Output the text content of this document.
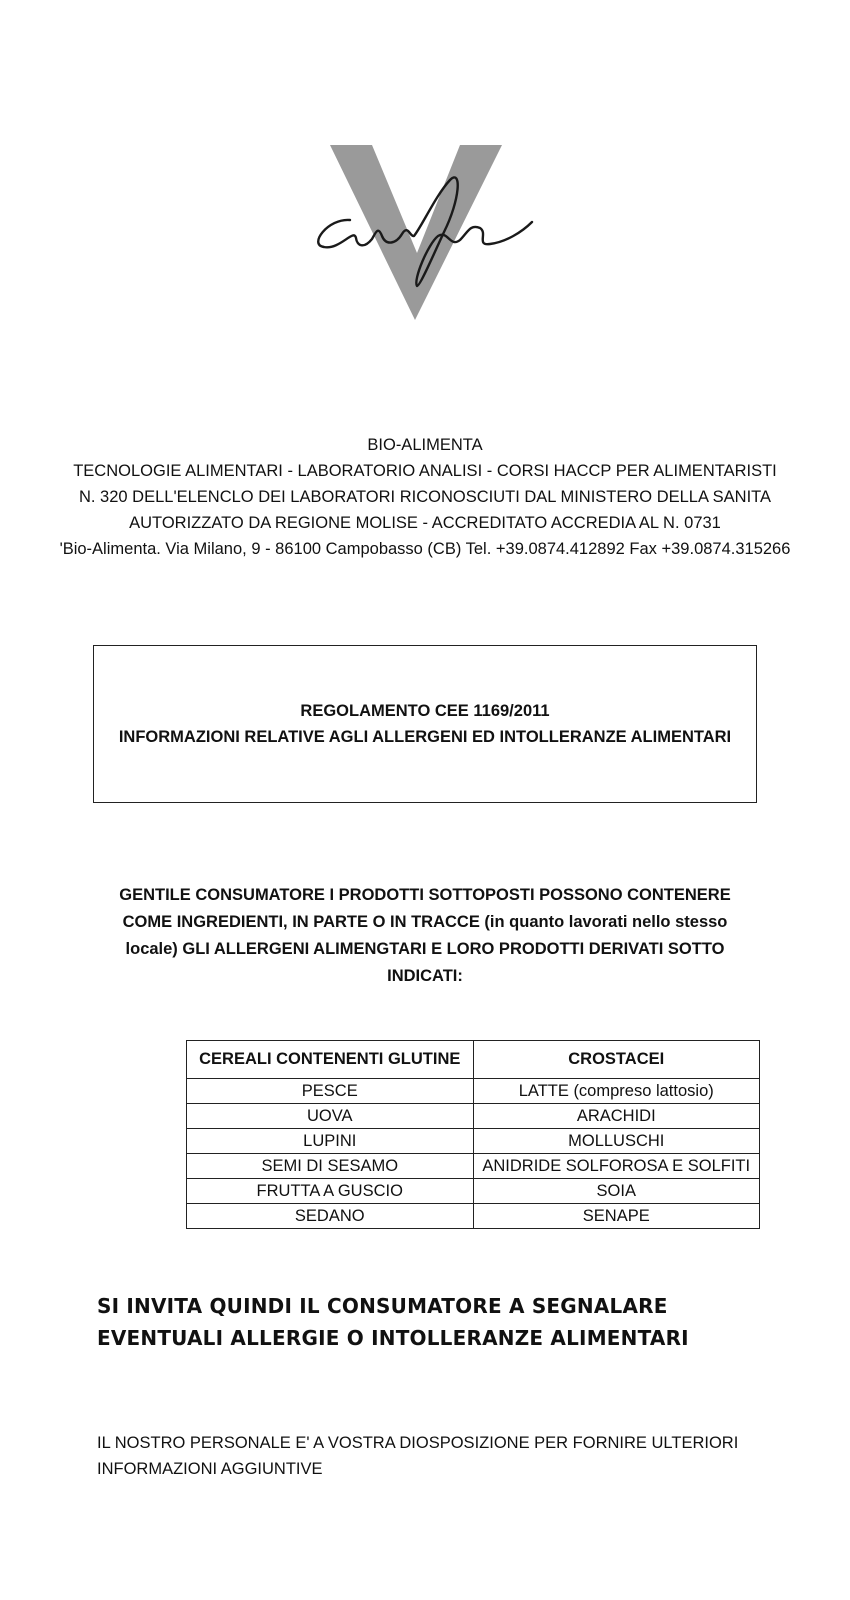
BIO-ALIMENTA
TECNOLOGIE ALIMENTARI - LABORATORIO ANALISI - CORSI HACCP PER ALIMENTARISTI
N. 320 DELL'ELENCLO DEI LABORATORI RICONOSCIUTI DAL MINISTERO DELLA SANITA
AUTORIZZATO DA REGIONE MOLISE - ACCREDITATO ACCREDIA AL N. 0731
'Bio-Alimenta. Via Milano, 9 - 86100 Campobasso (CB) Tel. +39.0874.412892 Fax +39.0874.315266
REGOLAMENTO CEE 1169/2011
INFORMAZIONI RELATIVE AGLI ALLERGENI ED INTOLLERANZE ALIMENTARI
GENTILE CONSUMATORE I PRODOTTI SOTTOPOSTI POSSONO CONTENERE COME INGREDIENTI, IN PARTE O IN TRACCE (in quanto lavorati nello stesso locale) GLI ALLERGENI ALIMENGTARI E LORO PRODOTTI DERIVATI SOTTO INDICATI:
CEREALI CONTENENTI GLUTINE	CROSTACEI
PESCE	LATTE (compreso lattosio)
UOVA	ARACHIDI
LUPINI	MOLLUSCHI
SEMI DI SESAMO	ANIDRIDE SOLFOROSA E SOLFITI
FRUTTA A GUSCIO	SOIA
SEDANO	SENAPE
SI INVITA QUINDI IL CONSUMATORE A SEGNALARE
EVENTUALI ALLERGIE O INTOLLERANZE ALIMENTARI
IL NOSTRO PERSONALE E' A VOSTRA DIOSPOSIZIONE PER FORNIRE ULTERIORI
INFORMAZIONI AGGIUNTIVE
